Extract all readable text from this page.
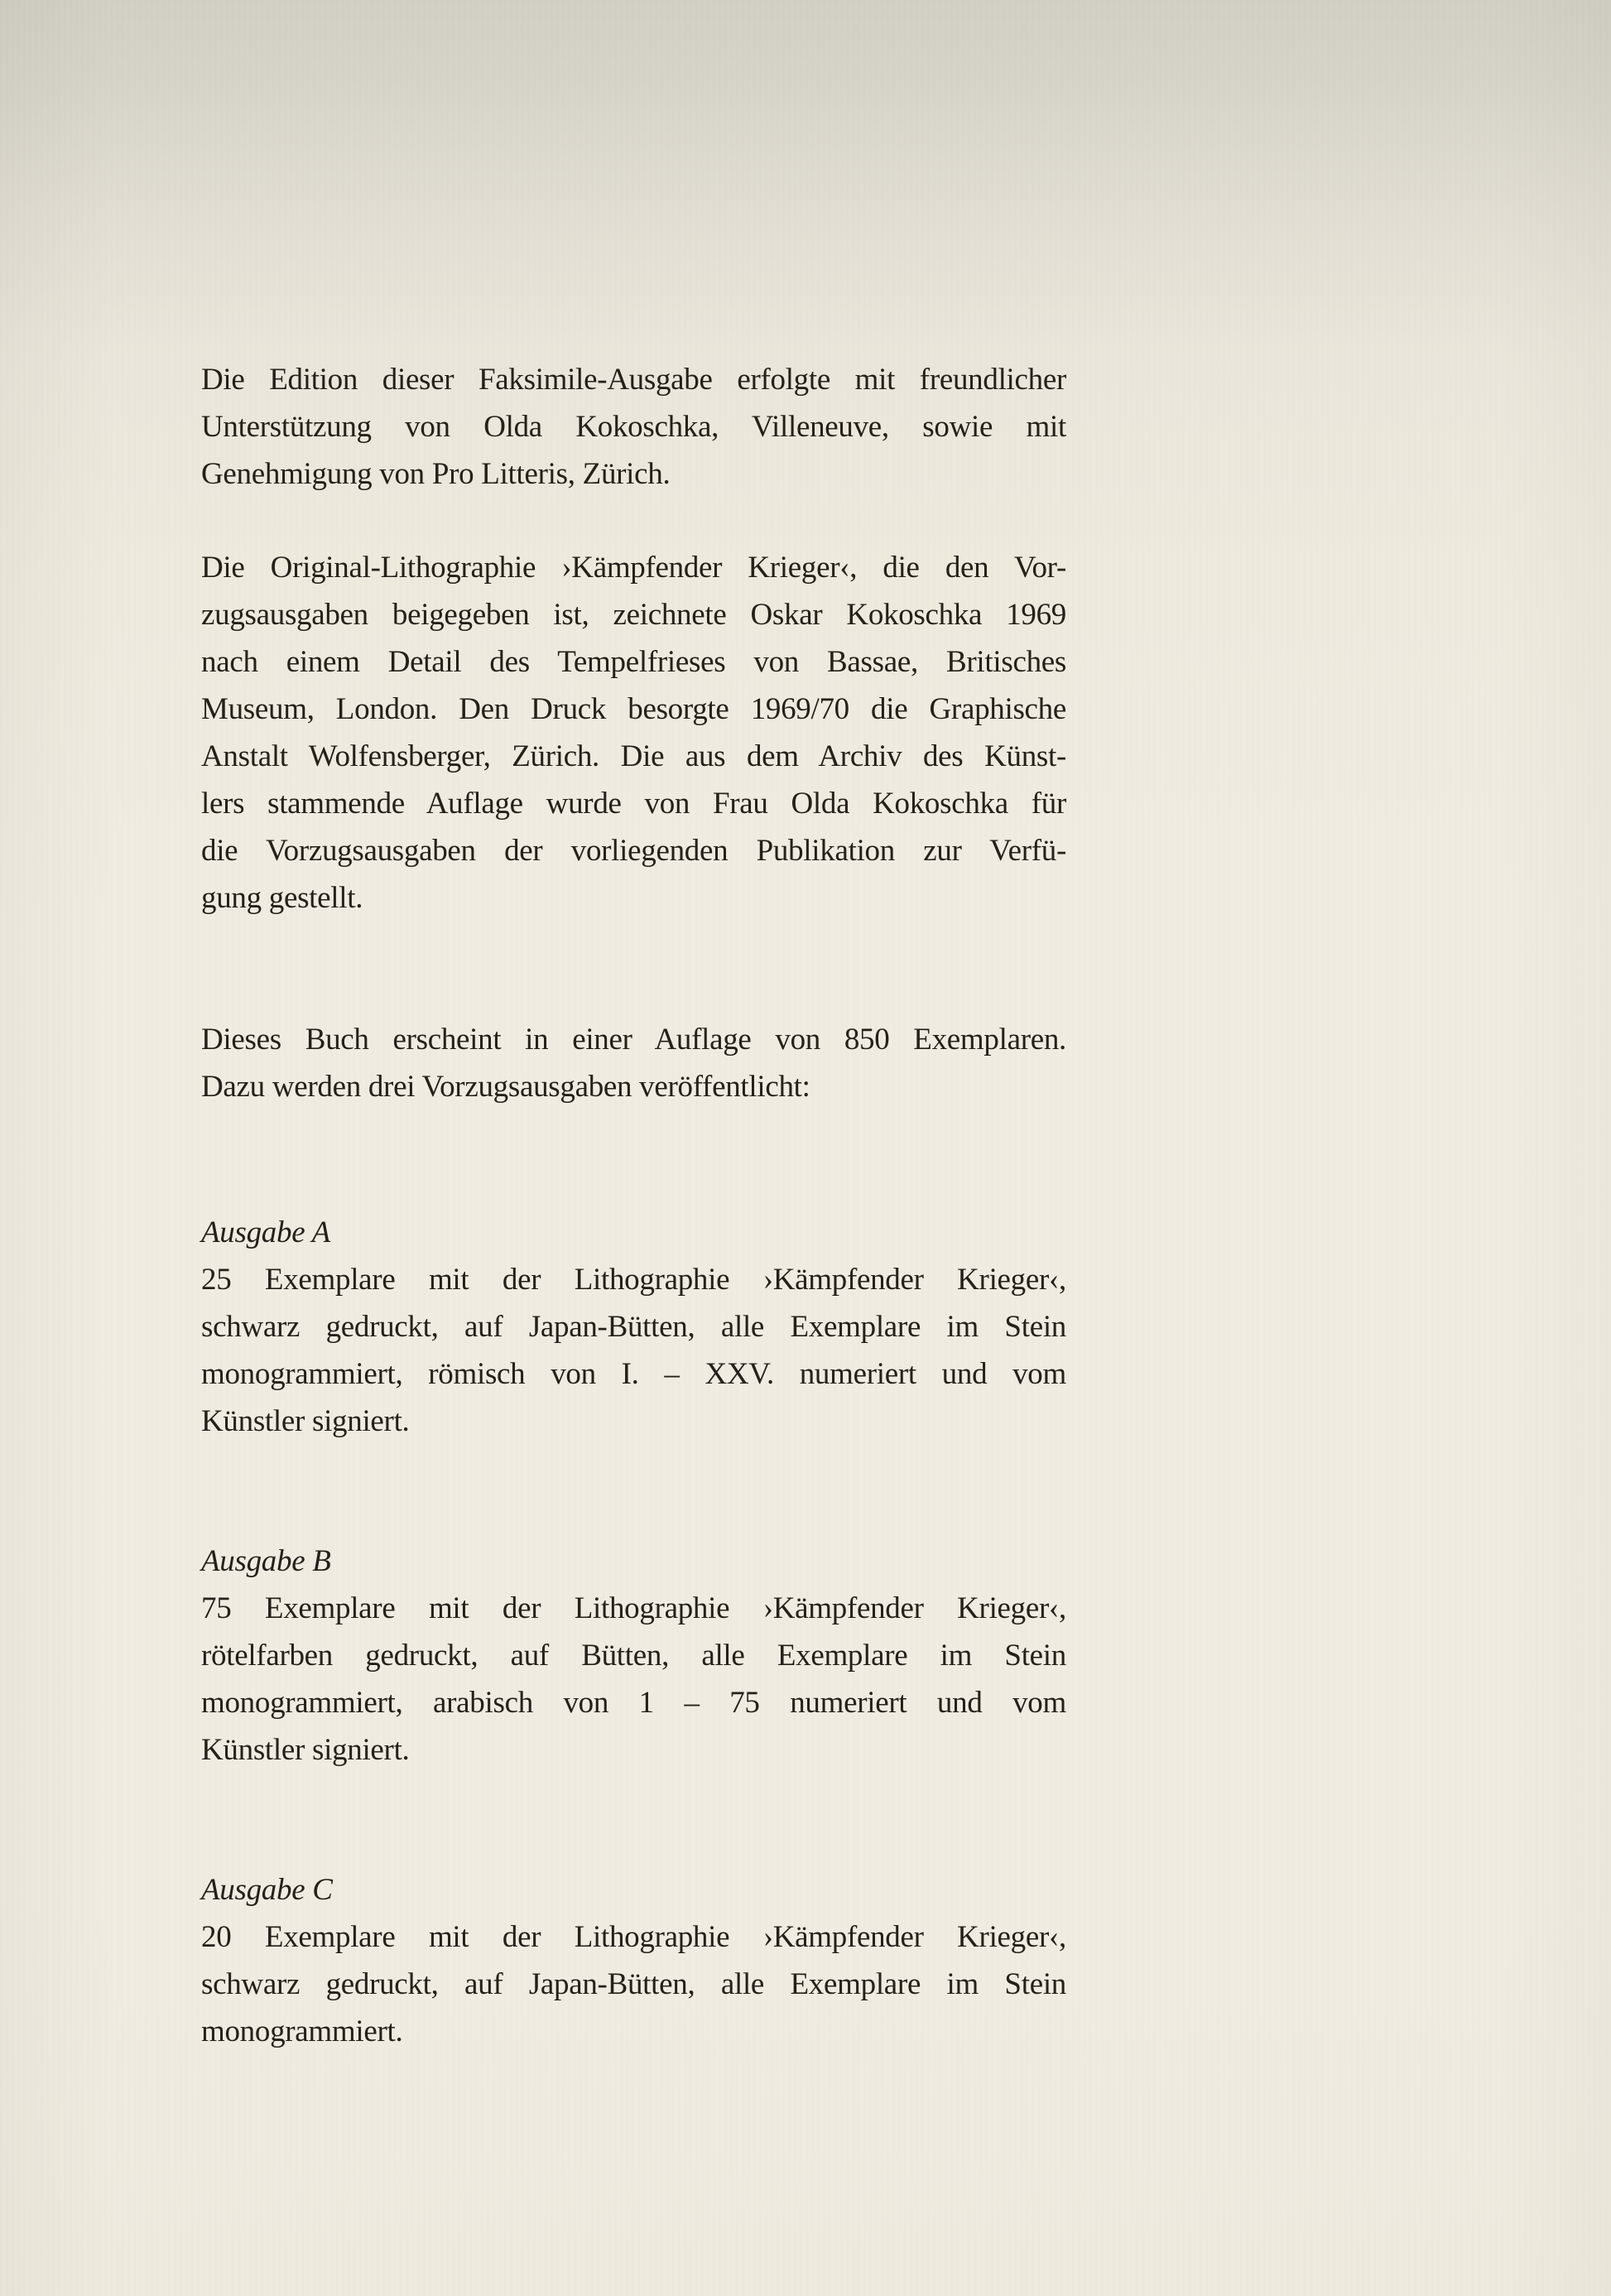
Die Edition dieser Faksimile-Ausgabe erfolgte mit freundlicher
Unterstützung von Olda Kokoschka, Villeneuve, sowie mit
Genehmigung von Pro Litteris, Zürich.
Die Original-Lithographie ›Kämpfender Krieger‹, die den Vor-
zugsausgaben beigegeben ist, zeichnete Oskar Kokoschka 1969
nach einem Detail des Tempelfrieses von Bassae, Britisches
Museum, London. Den Druck besorgte 1969/70 die Graphische
Anstalt Wolfensberger, Zürich. Die aus dem Archiv des Künst-
lers stammende Auflage wurde von Frau Olda Kokoschka für
die Vorzugsausgaben der vorliegenden Publikation zur Verfü-
gung gestellt.
Dieses Buch erscheint in einer Auflage von 850 Exemplaren.
Dazu werden drei Vorzugsausgaben veröffentlicht:
Ausgabe A
25 Exemplare mit der Lithographie ›Kämpfender Krieger‹,
schwarz gedruckt, auf Japan-Bütten, alle Exemplare im Stein
monogrammiert, römisch von I. – XXV. numeriert und vom
Künstler signiert.
Ausgabe B
75 Exemplare mit der Lithographie ›Kämpfender Krieger‹,
rötelfarben gedruckt, auf Bütten, alle Exemplare im Stein
monogrammiert, arabisch von 1 – 75 numeriert und vom
Künstler signiert.
Ausgabe C
20 Exemplare mit der Lithographie ›Kämpfender Krieger‹,
schwarz gedruckt, auf Japan-Bütten, alle Exemplare im Stein
monogrammiert.
